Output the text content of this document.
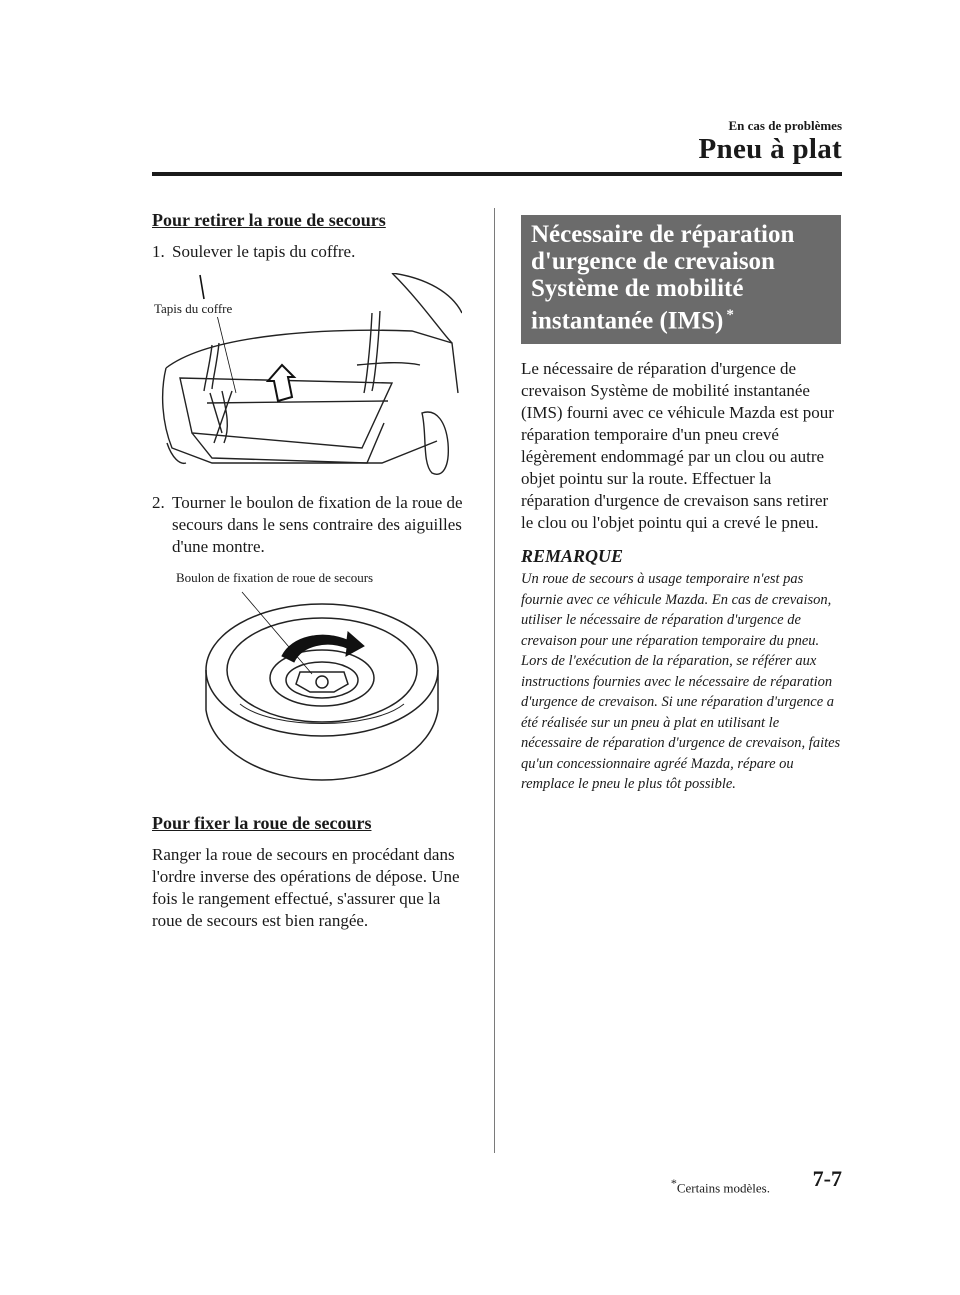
En cas de problèmes
Pneu à plat
Pour retirer la roue de secours
1. Soulever le tapis du coffre.
Tapis du coffre
2. Tourner le boulon de fixation de la roue de secours dans le sens contraire des aiguilles d'une montre.
Boulon de fixation de roue de secours
Pour fixer la roue de secours
Ranger la roue de secours en procédant dans l'ordre inverse des opérations de dépose. Une fois le rangement effectué, s'assurer que la roue de secours est bien rangée.
Nécessaire de réparation
d'urgence de crevaison
Système de mobilité
instantanée (IMS) *
Le nécessaire de réparation d'urgence de crevaison Système de mobilité instantanée (IMS) fourni avec ce véhicule Mazda est pour réparation temporaire d'un pneu crevé légèrement endommagé par un clou ou autre objet pointu sur la route. Effectuer la réparation d'urgence de crevaison sans retirer le clou ou l'objet pointu qui a crevé le pneu.
REMARQUE
Un roue de secours à usage temporaire n'est pas fournie avec ce véhicule Mazda. En cas de crevaison, utiliser le nécessaire de réparation d'urgence de crevaison pour une réparation temporaire du pneu. Lors de l'exécution de la réparation, se référer aux instructions fournies avec le nécessaire de réparation d'urgence de crevaison. Si une réparation d'urgence a été réalisée sur un pneu à plat en utilisant le nécessaire de réparation d'urgence de crevaison, faites qu'un concessionnaire agréé Mazda, répare ou remplace le pneu le plus tôt possible.
*Certains modèles. 7-7
